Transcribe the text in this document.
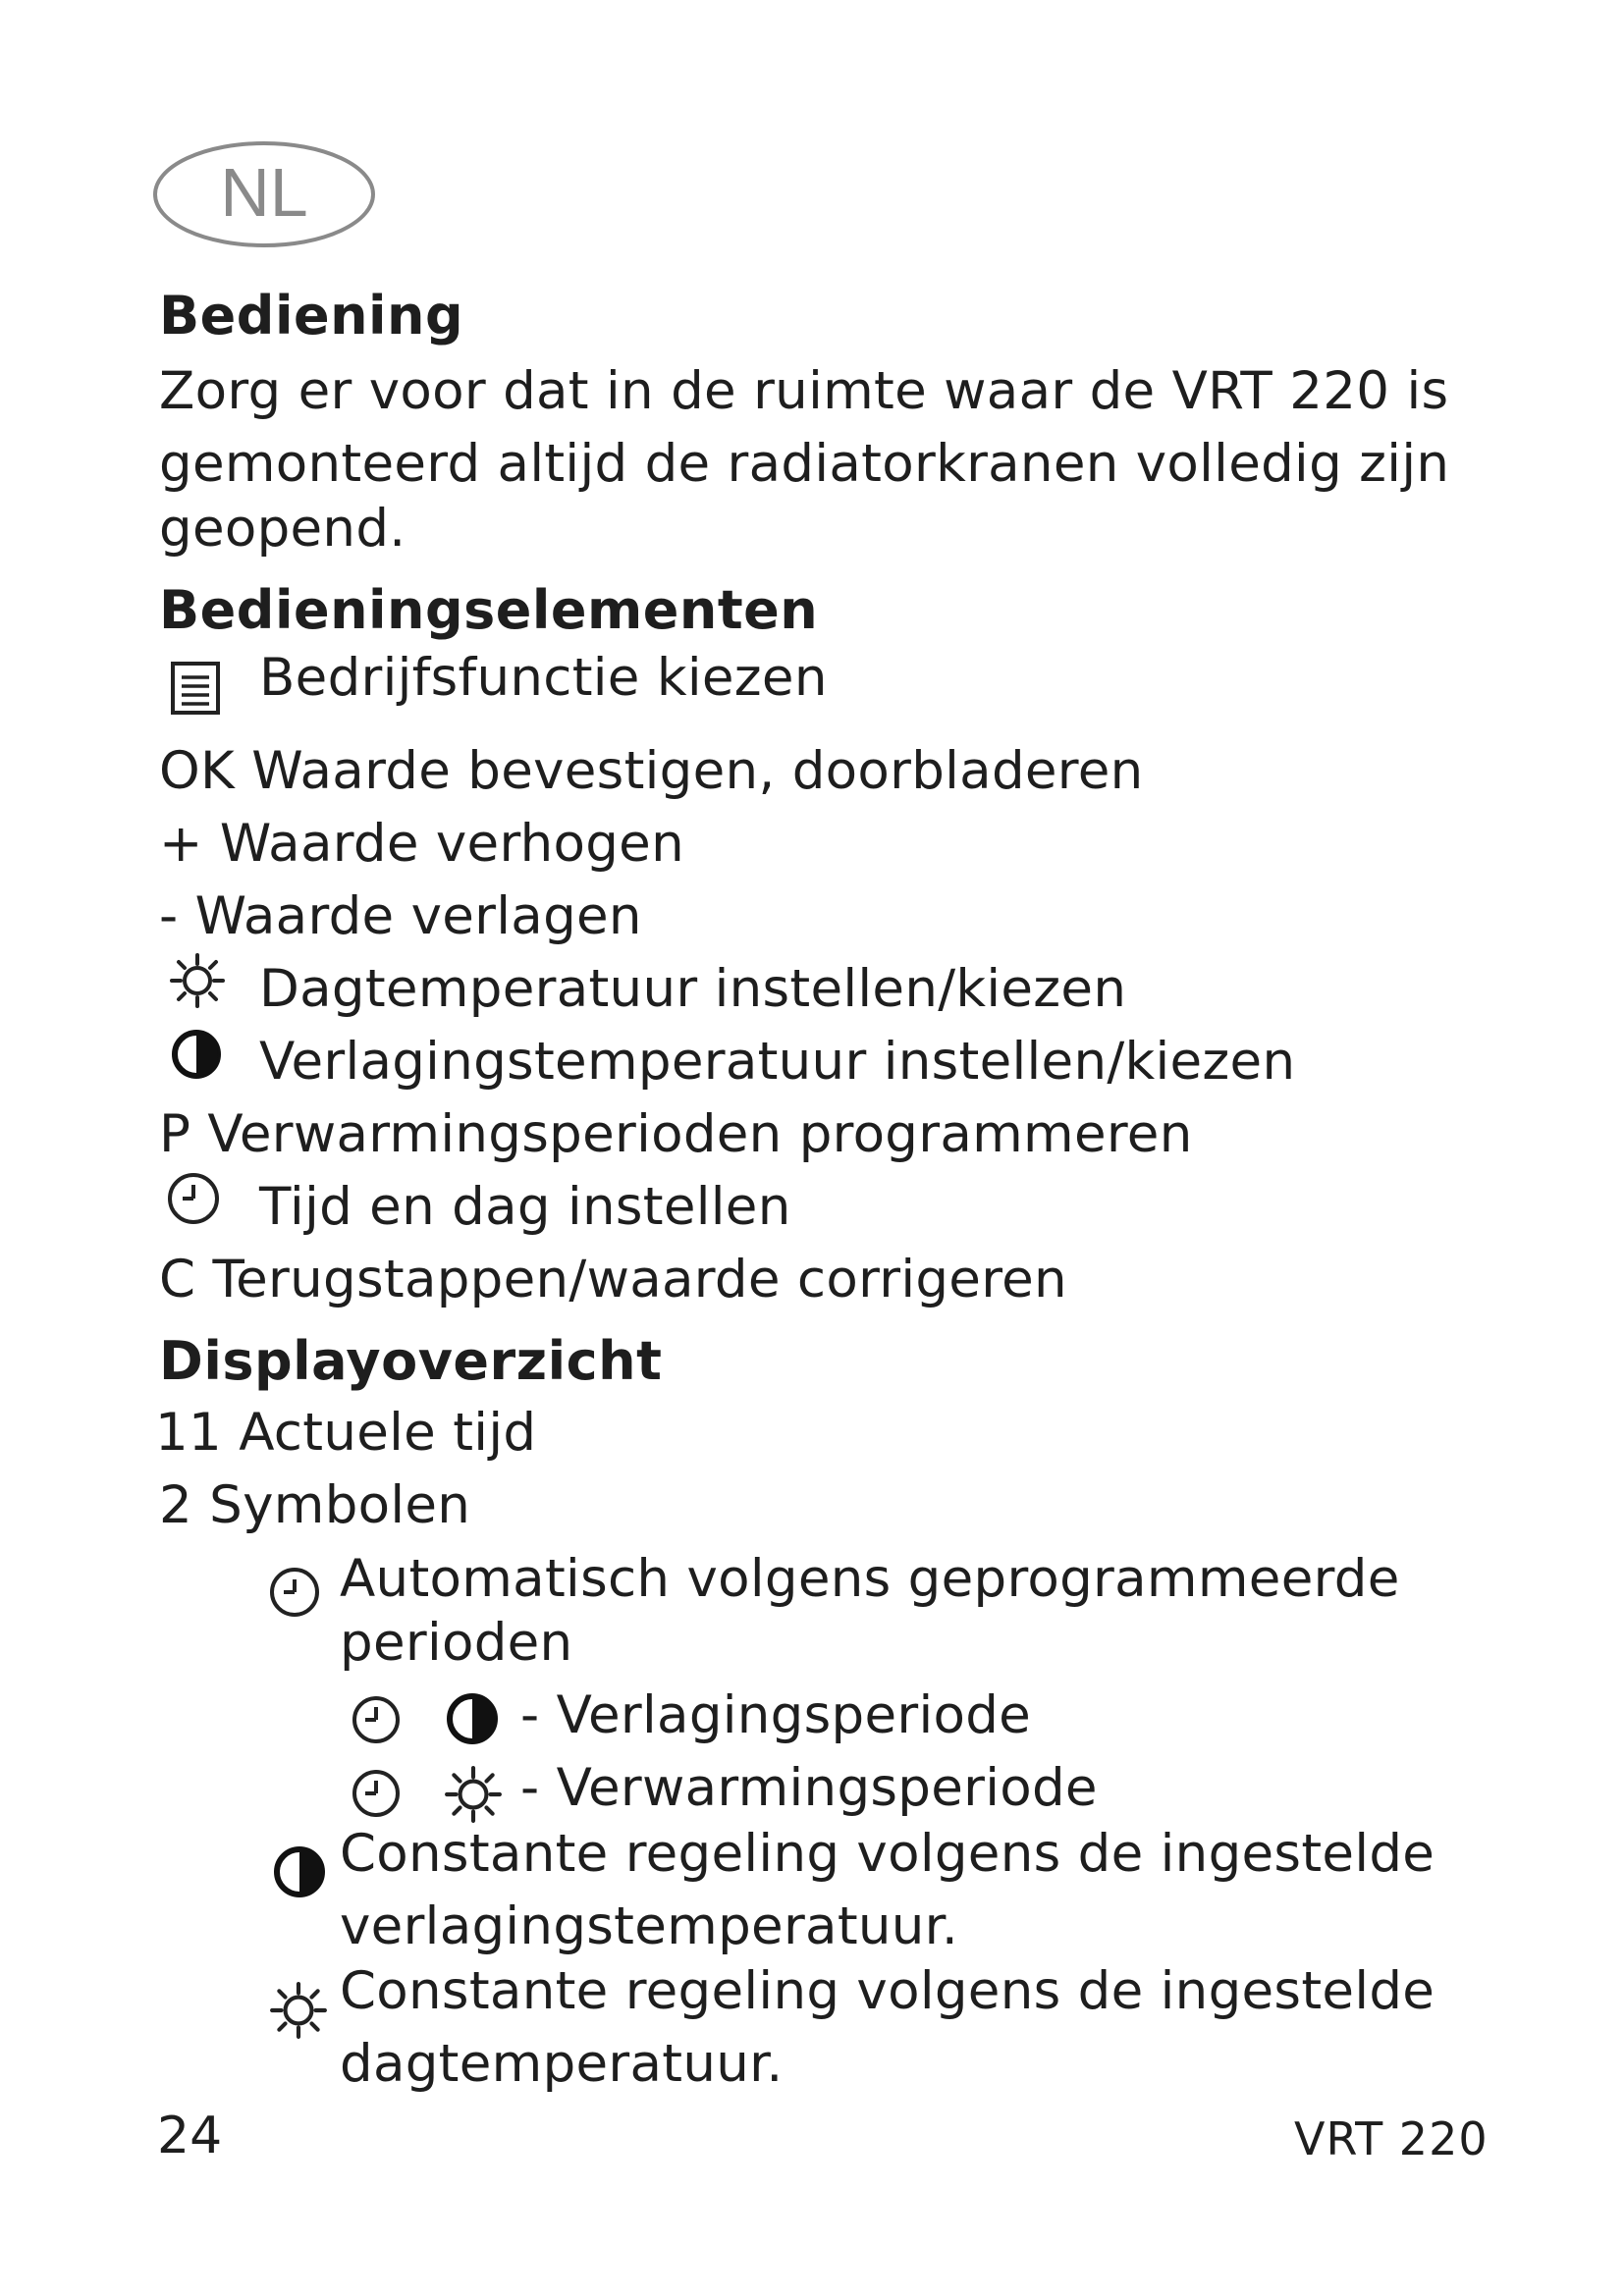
NL
Bediening
Zorg er voor dat in de ruimte waar de VRT 220 is
gemonteerd altijd de radiatorkranen volledig zijn
geopend.
Bedieningselementen
Bedrijfsfunctie kiezen
OK Waarde bevestigen, doorbladeren
+ Waarde verhogen
- Waarde verlagen
Dagtemperatuur instellen/kiezen
Verlagingstemperatuur instellen/kiezen
P Verwarmingsperioden programmeren
Tijd en dag instellen
C Terugstappen/waarde corrigeren
Displayoverzicht
11 Actuele tijd
2 Symbolen
Automatisch volgens geprogrammeerde
perioden
- Verlagingsperiode
- Verwarmingsperiode
Constante regeling volgens de ingestelde
verlagingstemperatuur.
Constante regeling volgens de ingestelde
dagtemperatuur.
24	VRT 220
